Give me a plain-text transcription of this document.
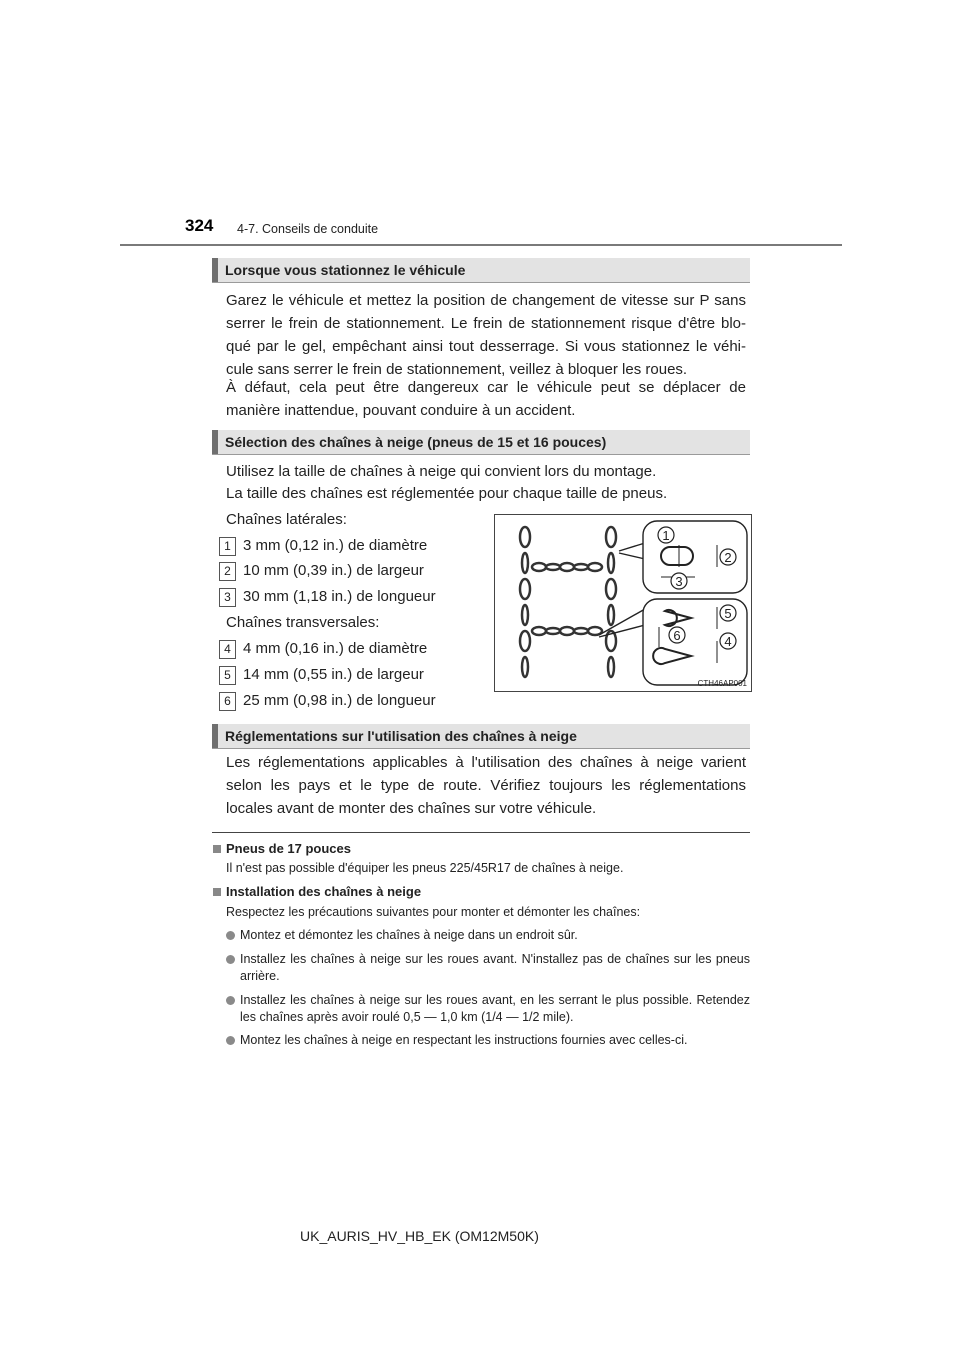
324 4-7. Conseils de conduite
Lorsque vous stationnez le véhicule

Garez le véhicule et mettez la position de changement de vitesse sur P sans serrer le frein de stationnement. Le frein de stationnement risque d'être bloqué par le gel, empêchant ainsi tout desserrage. Si vous stationnez le véhicule sans serrer le frein de stationnement, veillez à bloquer les roues.

À défaut, cela peut être dangereux car le véhicule peut se déplacer de manière inattendue, pouvant conduire à un accident.

Sélection des chaînes à neige (pneus de 15 et 16 pouces)
Utilisez la taille de chaînes à neige qui convient lors du montage.
La taille des chaînes est réglementée pour chaque taille de pneus.
Chaînes latérales:
1 3 mm (0,12 in.) de diamètre
2 10 mm (0,39 in.) de largeur
3 30 mm (1,18 in.) de longueur
Chaînes transversales:
4 4 mm (0,16 in.) de diamètre
5 14 mm (0,55 in.) de largeur
6 25 mm (0,98 in.) de longueur
1
2
3
4
5
6
CTH46AP001
Réglementations sur l'utilisation des chaînes à neige

Les réglementations applicables à l'utilisation des chaînes à neige varient selon les pays et le type de route. Vérifiez toujours les réglementations locales avant de monter des chaînes sur votre véhicule.

Pneus de 17 pouces

Il n'est pas possible d'équiper les pneus 225/45R17 de chaînes à neige.

Installation des chaînes à neige

Respectez les précautions suivantes pour monter et démonter les chaînes:

Montez et démontez les chaînes à neige dans un endroit sûr.

Installez les chaînes à neige sur les roues avant. N'installez pas de chaînes sur les pneus arrière.

Installez les chaînes à neige sur les roues avant, en les serrant le plus possible. Retendez les chaînes après avoir roulé 0,5 — 1,0 km (1/4 — 1/2 mile).

Montez les chaînes à neige en respectant les instructions fournies avec celles-ci.

UK_AURIS_HV_HB_EK (OM12M50K)
